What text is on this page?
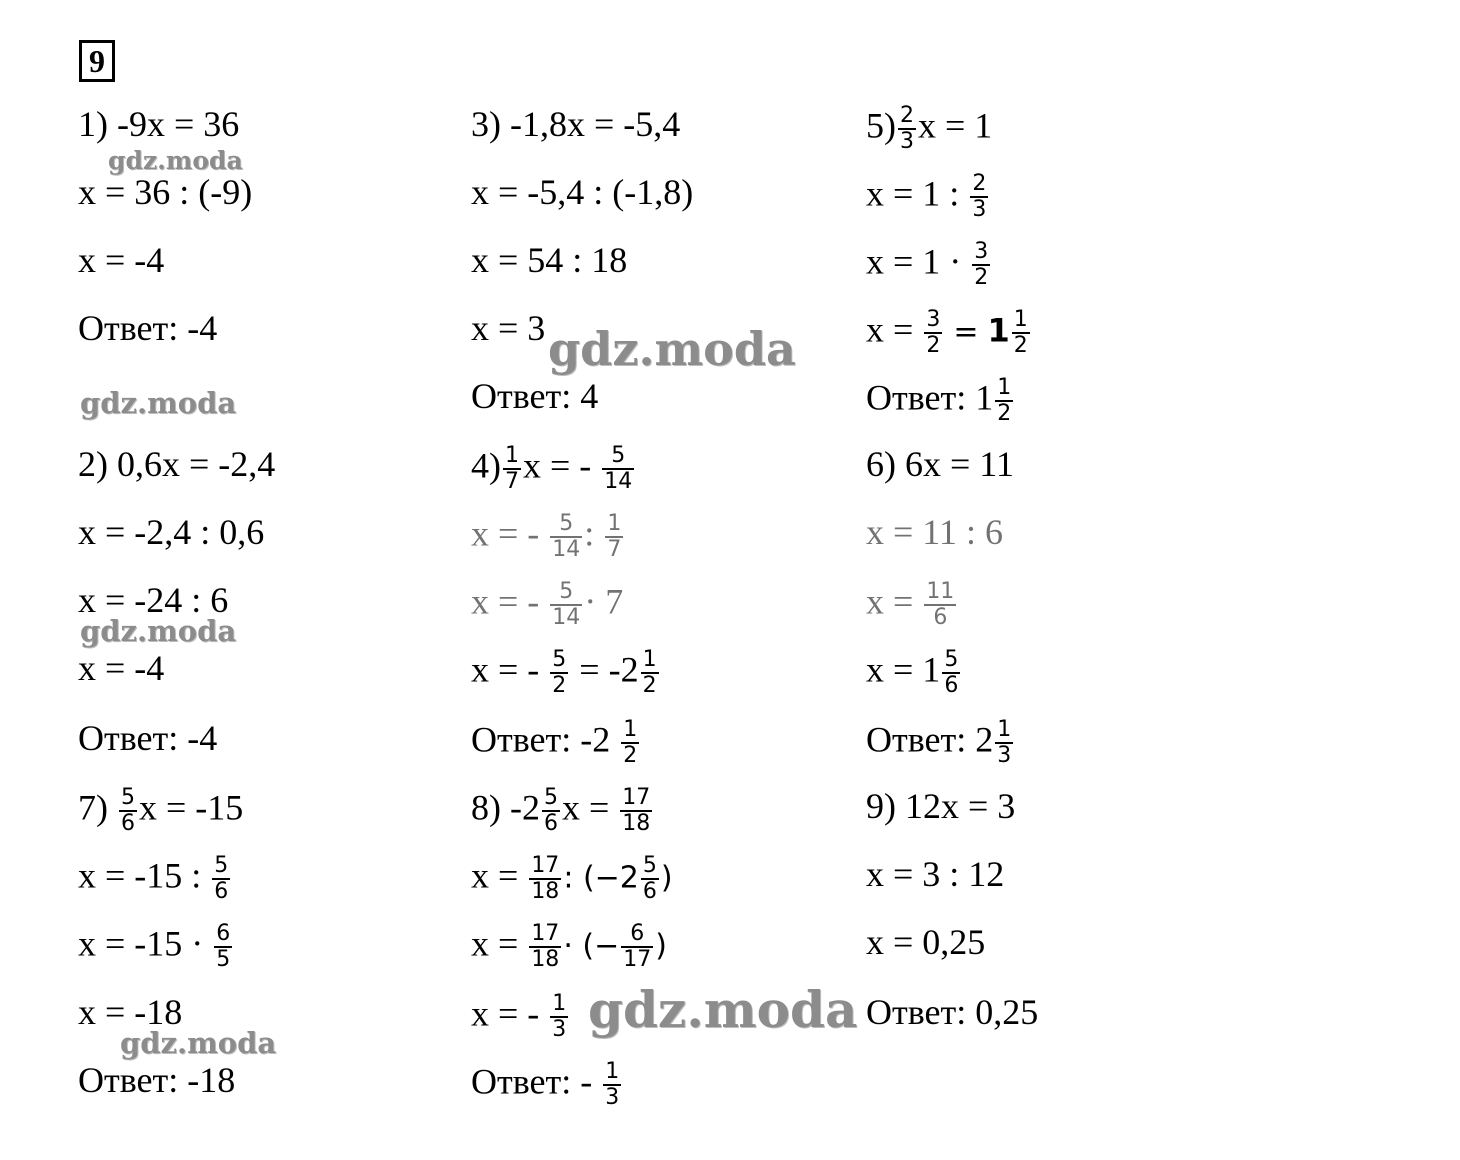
9
1) -9x = 36
x = 36 : (-9)
x = -4
Ответ: -4
2) 0,6x = -2,4
x = -2,4 : 0,6
x = -24 : 6
x = -4
Ответ: -4
$7) \frac{5}{6}$ x = -15
x = -15 : $\frac{5}{6}$
$x = -15 \cdot \frac{6}{5}$
x = -18
Ответ: -18
3) -1,8x = -5,4
x = -5,4 : (-1,8)
x = 54 : 18
x = 3
Ответ: 4
$4) \frac{1}{7}$ x = - $\frac{5}{14}$
x = - $\frac{5}{14}$ : $\frac{1}{7}$
x = - $\frac{5}{14} \cdot 7$
x = - $\frac{5}{2} = -2 \frac{1}{2}$
Ответ: $-2 \frac{1}{2}$
8) $-2 \frac{5}{6}$ $x = \frac{17}{18}$
$x = \frac{17}{18}$ : ($-2 \frac{5}{6}$ )
$x = \frac{17}{18}$ · (− $\frac{6}{17}$ )
x = - $\frac{1}{3}$
Ответ: - $\frac{1}{3}$
$5) \frac{2}{3}$ x = 1
x = 1 : $\frac{2}{3}$
$x = 1 \cdot \frac{3}{2}$
$x = \frac{3}{2} = 1 \frac{1}{2}$
Ответ: $1 \frac{1}{2}$
6) 6x = 11
x = 11 : 6
$x = \frac{11}{6}$
$x = 1 \frac{5}{6}$
Ответ: $2 \frac{1}{3}$
9) 12x = 3
x = 3 : 12
x = 0,25
Ответ: 0,25
gdz.moda
gdz.moda
gdz.moda
gdz.moda
gdz.moda
gdz.moda
